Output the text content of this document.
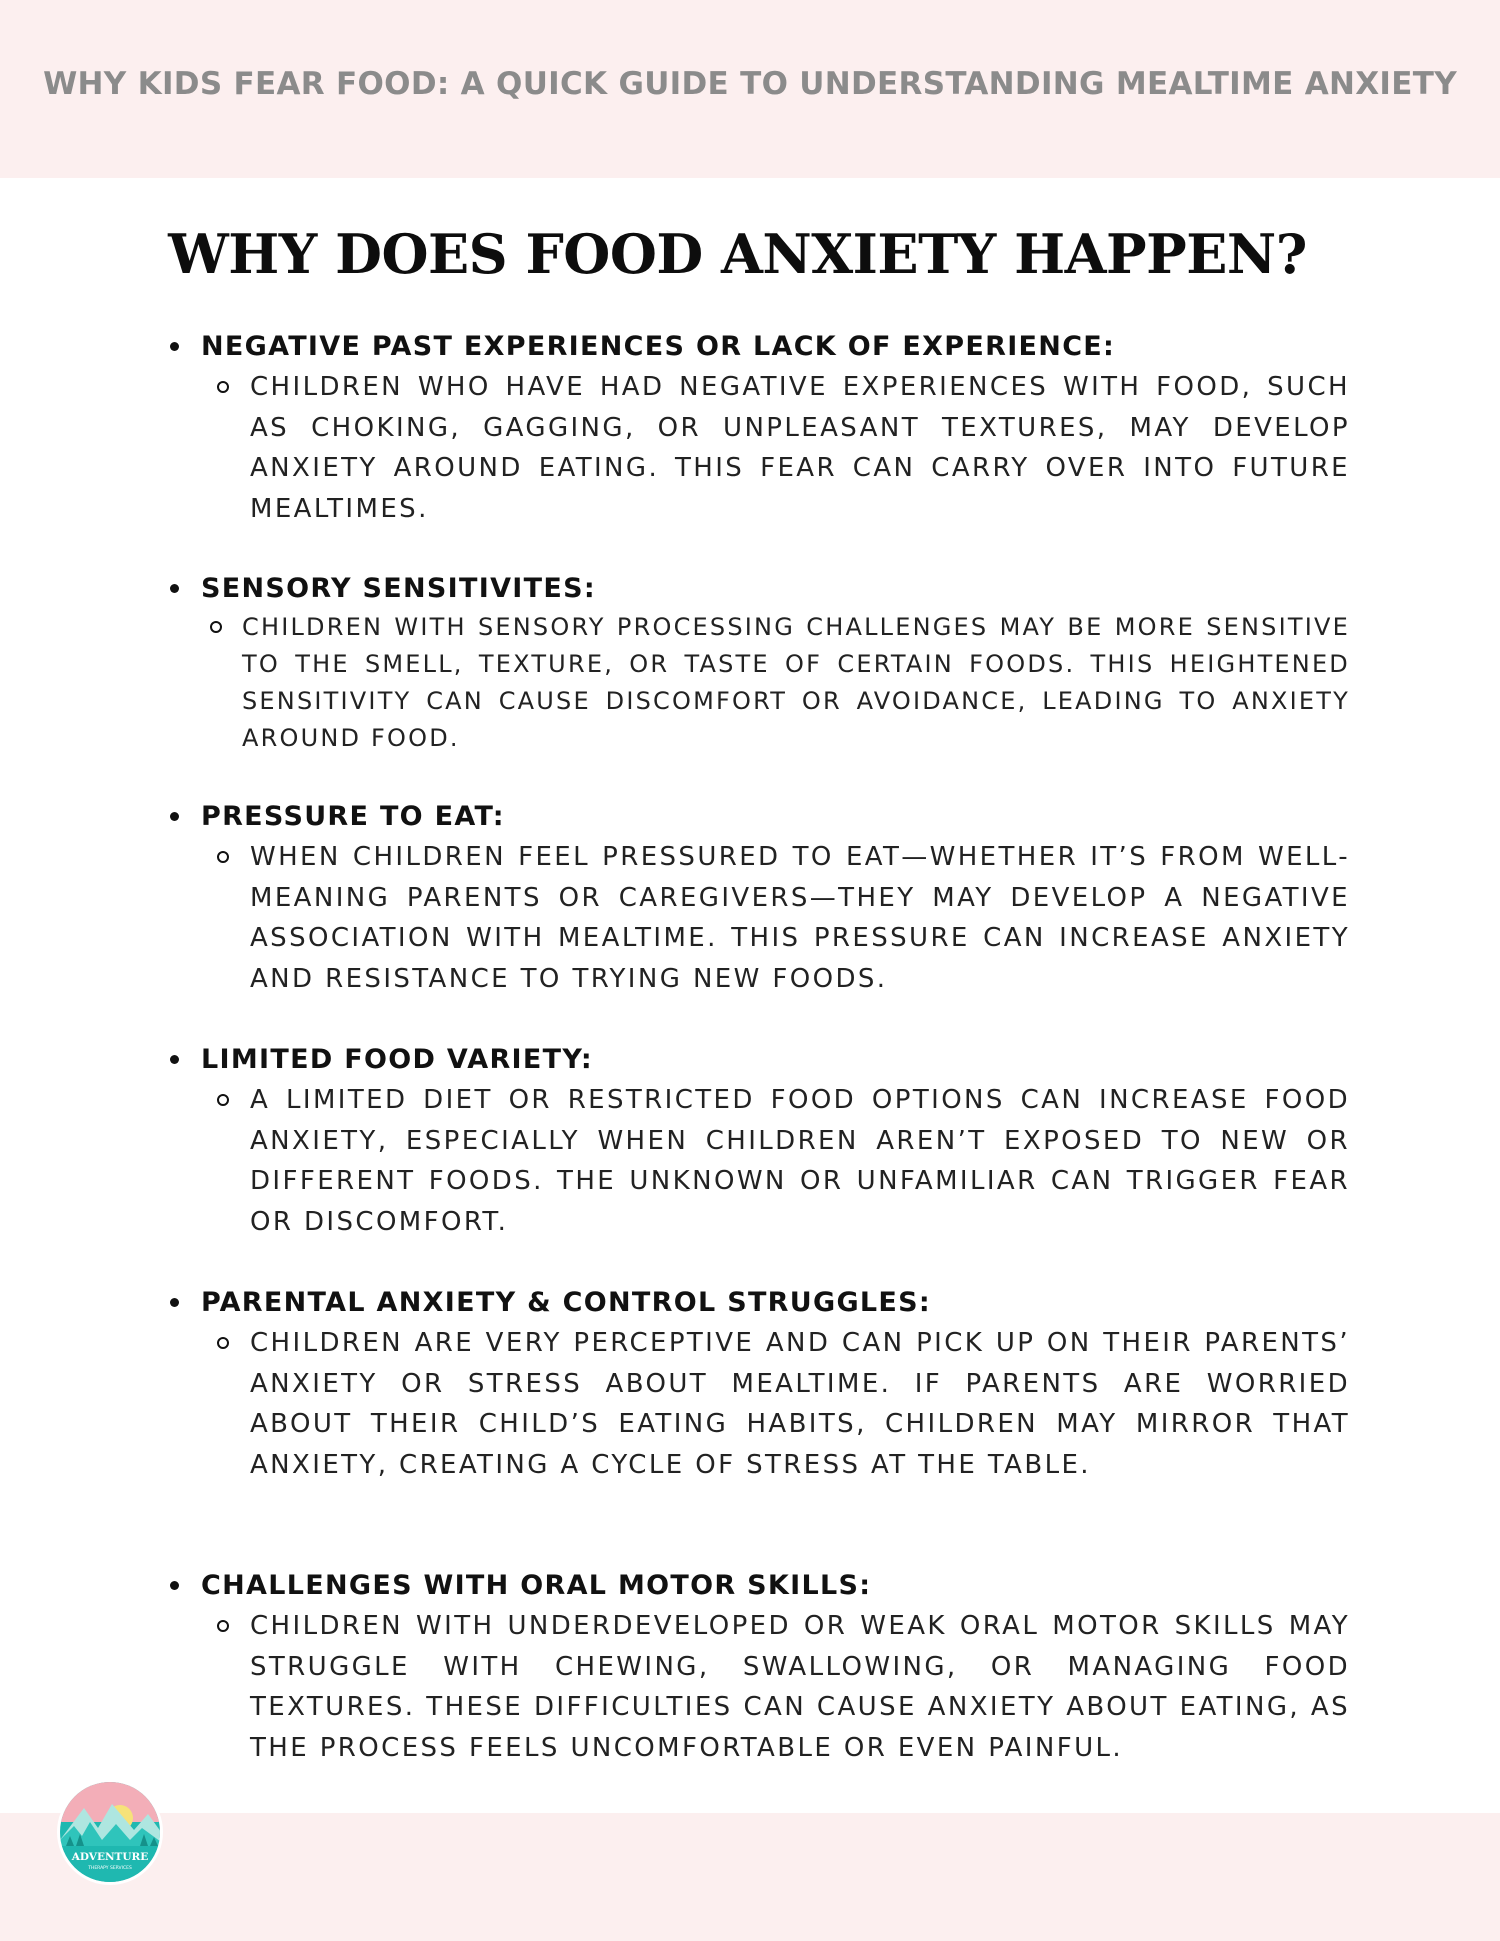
WHY KIDS FEAR FOOD: A QUICK GUIDE TO UNDERSTANDING MEALTIME ANXIETY
WHY DOES FOOD ANXIETY HAPPEN?
NEGATIVE PAST EXPERIENCES OR LACK OF EXPERIENCE:
CHILDREN WHO HAVE HAD NEGATIVE EXPERIENCES WITH FOOD, SUCH AS CHOKING, GAGGING, OR UNPLEASANT TEXTURES, MAY DEVELOP ANXIETY AROUND EATING. THIS FEAR CAN CARRY OVER INTO FUTURE MEALTIMES.
SENSORY SENSITIVITES:
CHILDREN WITH SENSORY PROCESSING CHALLENGES MAY BE MORE SENSITIVE TO THE SMELL, TEXTURE, OR TASTE OF CERTAIN FOODS. THIS HEIGHTENED SENSITIVITY CAN CAUSE DISCOMFORT OR AVOIDANCE, LEADING TO ANXIETY AROUND FOOD.
PRESSURE TO EAT:
WHEN CHILDREN FEEL PRESSURED TO EAT—WHETHER IT’S FROM WELL-MEANING PARENTS OR CAREGIVERS—THEY MAY DEVELOP A NEGATIVE ASSOCIATION WITH MEALTIME. THIS PRESSURE CAN INCREASE ANXIETY AND RESISTANCE TO TRYING NEW FOODS.
LIMITED FOOD VARIETY:
A LIMITED DIET OR RESTRICTED FOOD OPTIONS CAN INCREASE FOOD ANXIETY, ESPECIALLY WHEN CHILDREN AREN’T EXPOSED TO NEW OR DIFFERENT FOODS. THE UNKNOWN OR UNFAMILIAR CAN TRIGGER FEAR OR DISCOMFORT.
PARENTAL ANXIETY & CONTROL STRUGGLES:
CHILDREN ARE VERY PERCEPTIVE AND CAN PICK UP ON THEIR PARENTS’ ANXIETY OR STRESS ABOUT MEALTIME. IF PARENTS ARE WORRIED ABOUT THEIR CHILD’S EATING HABITS, CHILDREN MAY MIRROR THAT ANXIETY, CREATING A CYCLE OF STRESS AT THE TABLE.
CHALLENGES WITH ORAL MOTOR SKILLS:
CHILDREN WITH UNDERDEVELOPED OR WEAK ORAL MOTOR SKILLS MAY STRUGGLE WITH CHEWING, SWALLOWING, OR MANAGING FOOD TEXTURES. THESE DIFFICULTIES CAN CAUSE ANXIETY ABOUT EATING, AS THE PROCESS FEELS UNCOMFORTABLE OR EVEN PAINFUL.
ADVENTURE
THERAPY SERVICES
